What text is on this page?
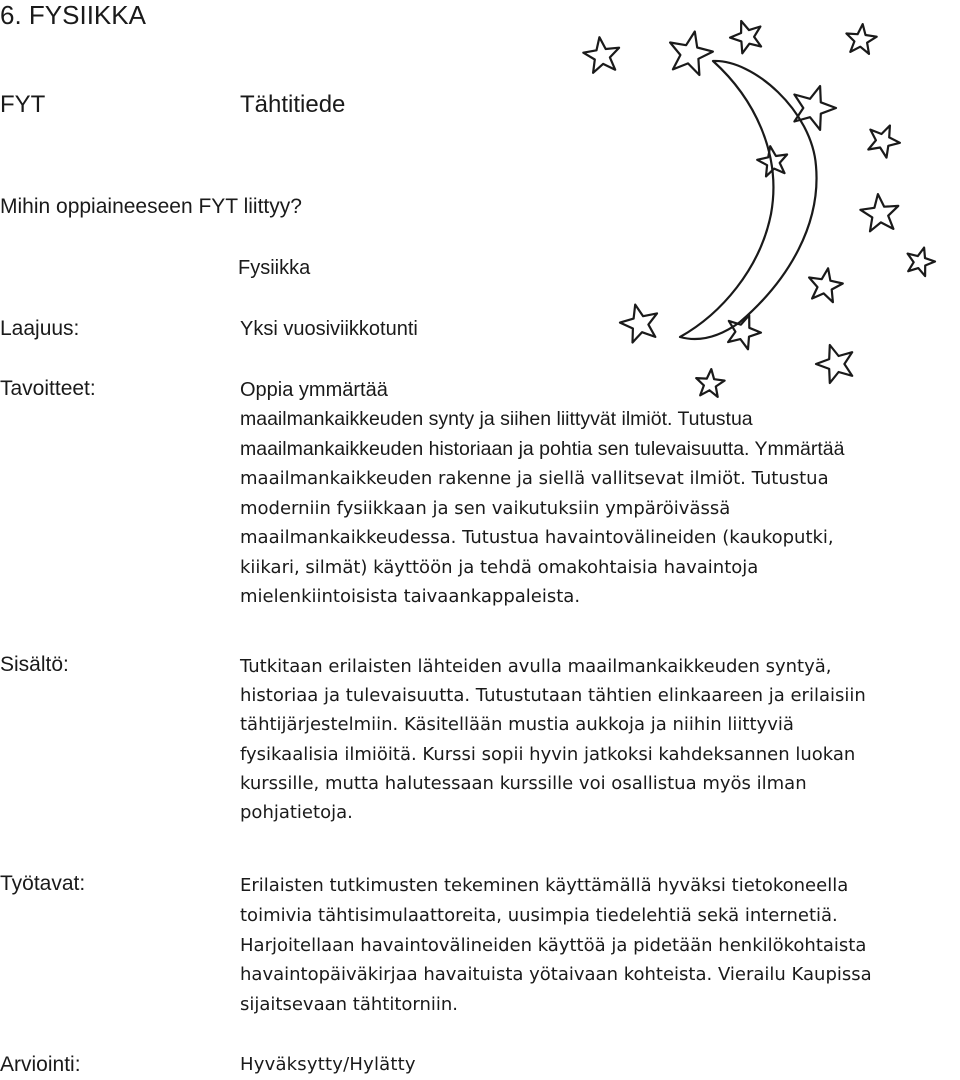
6. FYSIIKKA
FYT	Tähtitiede
Mihin oppiaineeseen FYT liittyy?
Fysiikka
Laajuus:	Yksi vuosiviikkotunti
Tavoitteet:	Oppia ymmärtää
maailmankaikkeuden synty ja siihen liittyvät ilmiöt. Tutustua
maailmankaikkeuden historiaan ja pohtia sen tulevaisuutta. Ymmärtää
maailmankaikkeuden rakenne ja siellä vallitsevat ilmiöt. Tutustua
moderniin fysiikkaan ja sen vaikutuksiin ympäröivässä
maailmankaikkeudessa. Tutustua havaintovälineiden (kaukoputki,
kiikari, silmät) käyttöön ja tehdä omakohtaisia havaintoja
mielenkiintoisista taivaankappaleista.
Sisältö:	Tutkitaan erilaisten lähteiden avulla maailmankaikkeuden syntyä,
historiaa ja tulevaisuutta. Tutustutaan tähtien elinkaareen ja erilaisiin
tähtijärjestelmiin. Käsitellään mustia aukkoja ja niihin liittyviä
fysikaalisia ilmiöitä. Kurssi sopii hyvin jatkoksi kahdeksannen luokan
kurssille, mutta halutessaan kurssille voi osallistua myös ilman
pohjatietoja.
Työtavat:	Erilaisten tutkimusten tekeminen käyttämällä hyväksi tietokoneella
toimivia tähtisimulaattoreita, uusimpia tiedelehtiä sekä internetiä.
Harjoitellaan havaintovälineiden käyttöä ja pidetään henkilökohtaista
havaintopäiväkirjaa havaituista yötaivaan kohteista. Vierailu Kaupissa
sijaitsevaan tähtitorniin.
Arviointi:	Hyväksytty/Hylätty
